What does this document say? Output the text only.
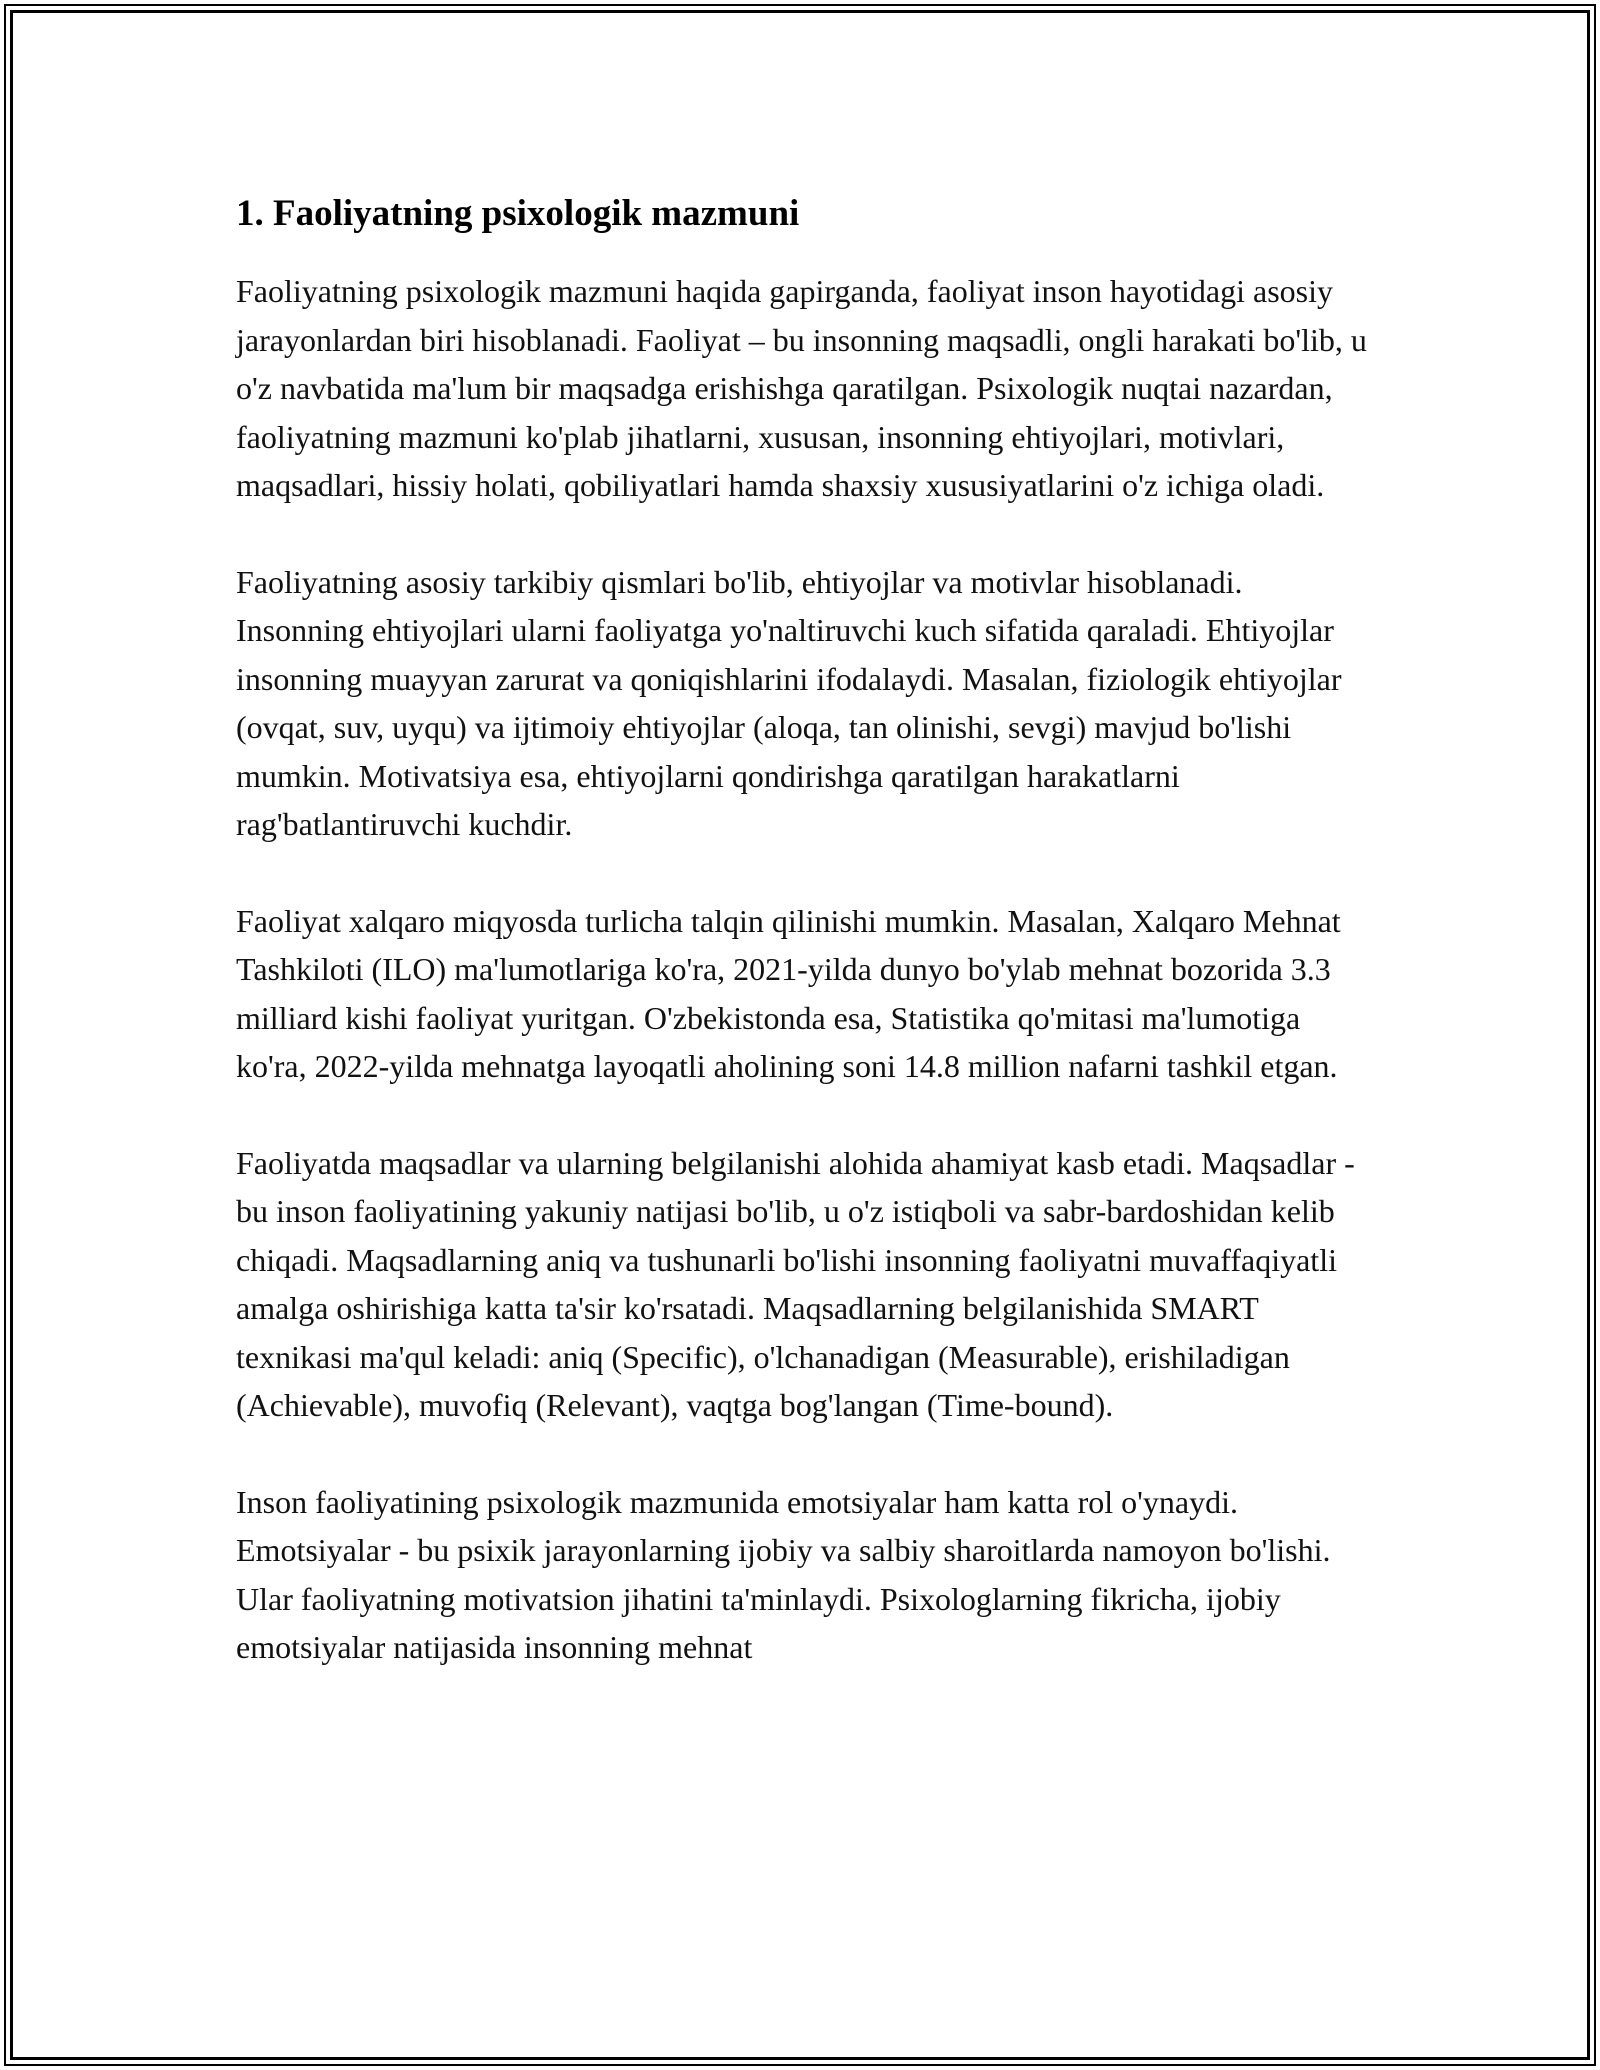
1. Faoliyatning psixologik mazmuni

Faoliyatning psixologik mazmuni haqida gapirganda, faoliyat inson hayotidagi asosiy jarayonlardan biri hisoblanadi. Faoliyat – bu insonning maqsadli, ongli harakati bo'lib, u o'z navbatida ma'lum bir maqsadga erishishga qaratilgan. Psixologik nuqtai nazardan, faoliyatning mazmuni ko'plab jihatlarni, xususan, insonning ehtiyojlari, motivlari, maqsadlari, hissiy holati, qobiliyatlari hamda shaxsiy xususiyatlarini o'z ichiga oladi.

Faoliyatning asosiy tarkibiy qismlari bo'lib, ehtiyojlar va motivlar hisoblanadi. Insonning ehtiyojlari ularni faoliyatga yo'naltiruvchi kuch sifatida qaraladi. Ehtiyojlar insonning muayyan zarurat va qoniqishlarini ifodalaydi. Masalan, fiziologik ehtiyojlar (ovqat, suv, uyqu) va ijtimoiy ehtiyojlar (aloqa, tan olinishi, sevgi) mavjud bo'lishi mumkin. Motivatsiya esa, ehtiyojlarni qondirishga qaratilgan harakatlarni rag'batlantiruvchi kuchdir.

Faoliyat xalqaro miqyosda turlicha talqin qilinishi mumkin. Masalan, Xalqaro Mehnat Tashkiloti (ILO) ma'lumotlariga ko'ra, 2021-yilda dunyo bo'ylab mehnat bozorida 3.3 milliard kishi faoliyat yuritgan. O'zbekistonda esa, Statistika qo'mitasi ma'lumotiga ko'ra, 2022-yilda mehnatga layoqatli aholining soni 14.8 million nafarni tashkil etgan.

Faoliyatda maqsadlar va ularning belgilanishi alohida ahamiyat kasb etadi. Maqsadlar - bu inson faoliyatining yakuniy natijasi bo'lib, u o'z istiqboli va sabr-bardoshidan kelib chiqadi. Maqsadlarning aniq va tushunarli bo'lishi insonning faoliyatni muvaffaqiyatli amalga oshirishiga katta ta'sir ko'rsatadi. Maqsadlarning belgilanishida SMART texnikasi ma'qul keladi: aniq (Specific), o'lchanadigan (Measurable), erishiladigan (Achievable), muvofiq (Relevant), vaqtga bog'langan (Time-bound).

Inson faoliyatining psixologik mazmunida emotsiyalar ham katta rol o'ynaydi. Emotsiyalar - bu psixik jarayonlarning ijobiy va salbiy sharoitlarda namoyon bo'lishi. Ular faoliyatning motivatsion jihatini ta'minlaydi. Psixologlarning fikricha, ijobiy emotsiyalar natijasida insonning mehnat
